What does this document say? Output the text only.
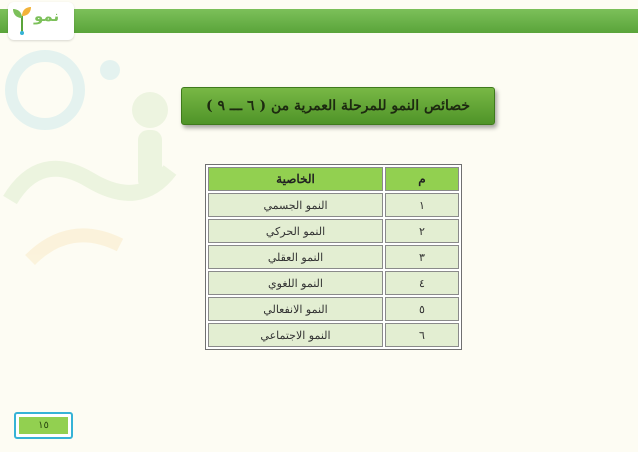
نمو
خصائص النمو للمرحلة العمرية من ( ٦ ـــ ٩ )
م	الخاصية
١	النمو الجسمي
٢	النمو الحركي
٣	النمو العقلي
٤	النمو اللغوي
٥	النمو الانفعالي
٦	النمو الاجتماعي
١٥
